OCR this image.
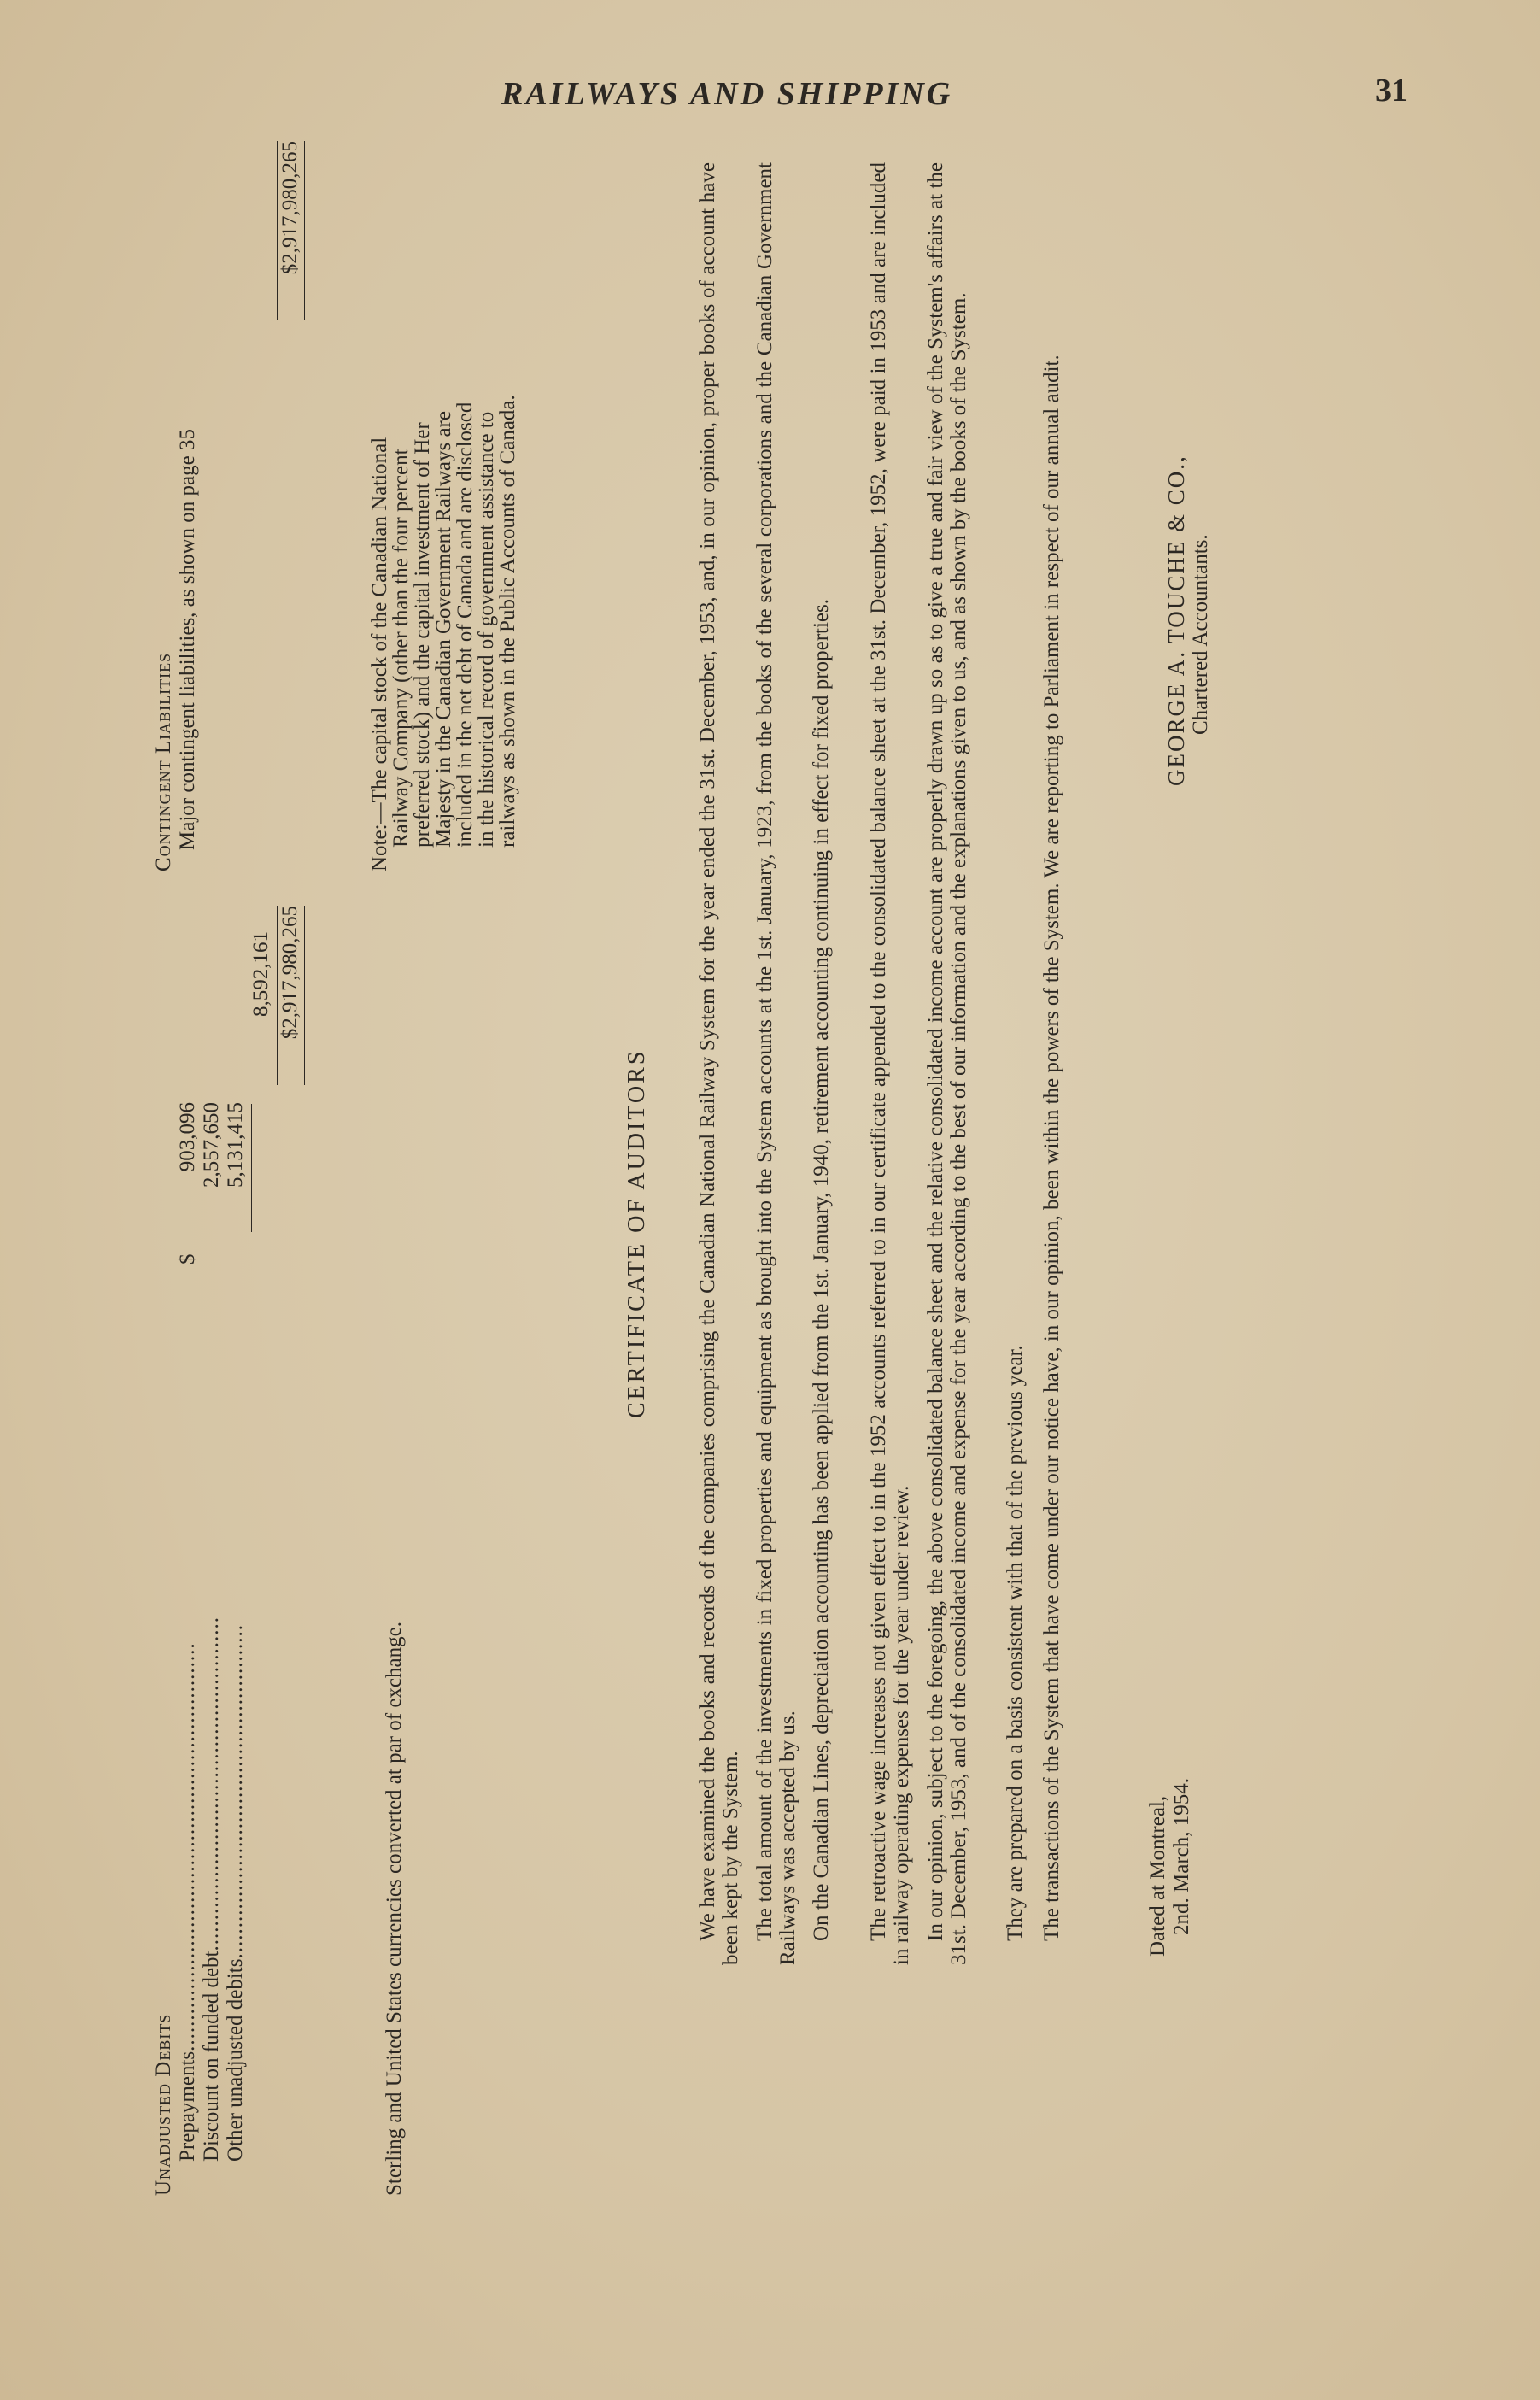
RAILWAYS AND SHIPPING	31
Unadjusted Debits Prepayments..................................................................
$
903,096
Discount on funded debt......................................................
2,557,650
Other unadjusted debits......................................................
5,131,415
8,592,161 $2,917,980,265
Contingent Liabilities Major contingent liabilities, as shown on page 35
$2,917,980,265
Sterling and United States currencies converted at par of exchange.
Note:—The capital stock of the Canadian National
Railway Company (other than the four percent
preferred stock) and the capital investment of Her
Majesty in the Canadian Government Railways are
included in the net debt of Canada and are disclosed
in the historical record of government assistance to
railways as shown in the Public Accounts of Canada.
CERTIFICATE OF AUDITORS We have examined the books and records of the companies comprising the Canadian National Railway System for the year ended the 31st. December, 1953, and, in our opinion, proper books of account have been kept by the System. The total amount of the investments in fixed properties and equipment as brought into the System accounts at the 1st. January, 1923, from the books of the several corporations and the Canadian Government Railways was accepted by us. On the Canadian Lines, depreciation accounting has been applied from the 1st. January, 1940, retirement accounting continuing in effect for fixed properties. The retroactive wage increases not given effect to in the 1952 accounts referred to in our certificate appended to the consolidated balance sheet at the 31st. December, 1952, were paid in 1953 and are included in railway operating expenses for the year under review. In our opinion, subject to the foregoing, the above consolidated balance sheet and the relative consolidated income account are properly drawn up so as to give a true and fair view of the System's affairs at the 31st. December, 1953, and of the consolidated income and expense for the year according to the best of our information and the explanations given to us, and as shown by the books of the System. They are prepared on a basis consistent with that of the previous year. The transactions of the System that have come under our notice have, in our opinion, been within the powers of the System. We are reporting to Parliament in respect of our annual audit.	Dated at Montreal, 2nd. March, 1954.
GEORGE A. TOUCHE & CO., Chartered Accountants.
